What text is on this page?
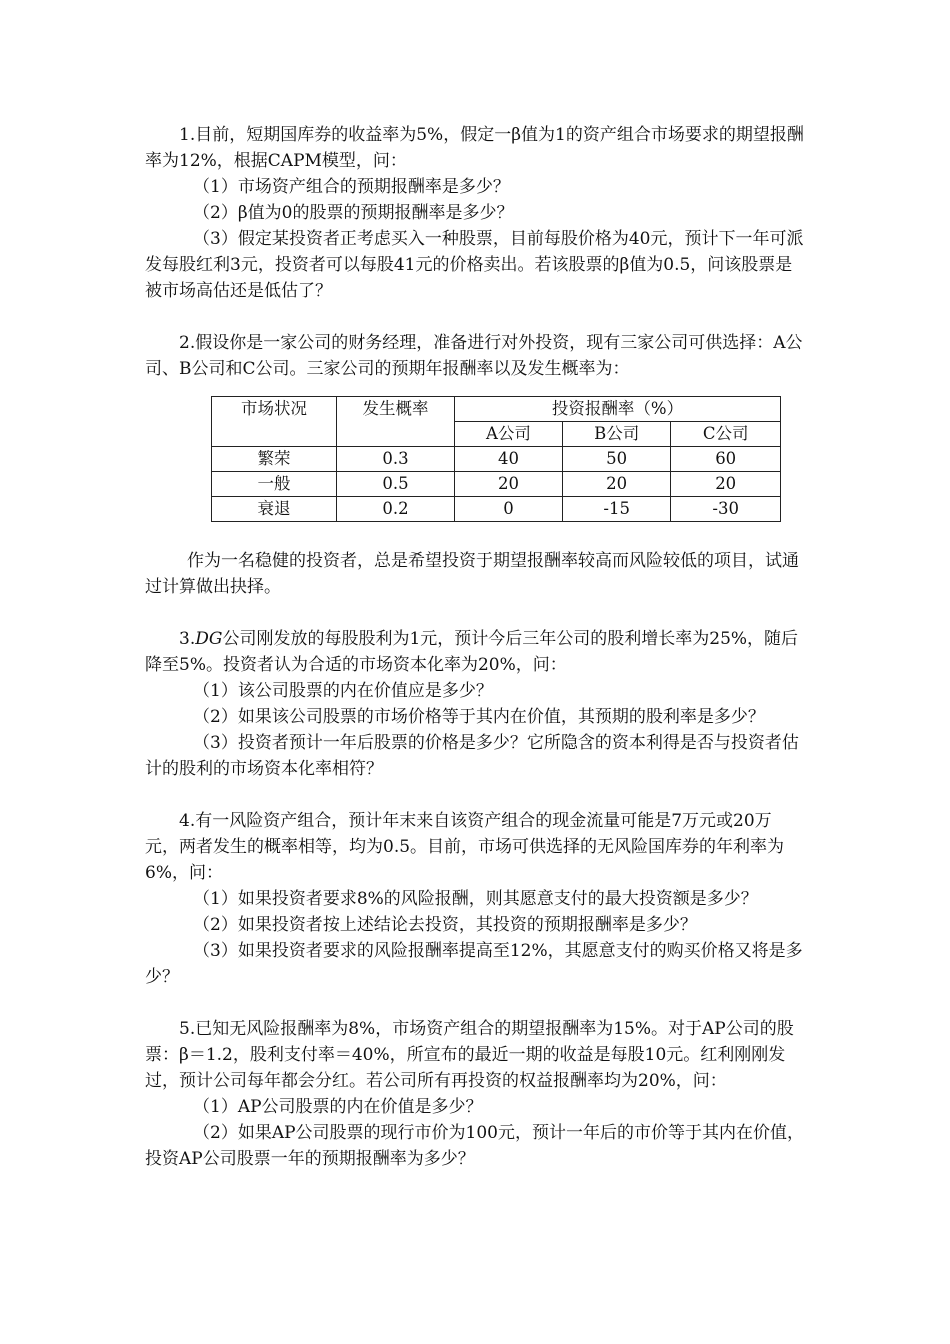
1.目前，短期国库券的收益率为5%，假定一β值为1的资产组合市场要求的期望报酬率为12%，根据CAPM模型，问：

（1）市场资产组合的预期报酬率是多少？

（2）β值为0的股票的预期报酬率是多少？

（3）假定某投资者正考虑买入一种股票，目前每股价格为40元，预计下一年可派发每股红利3元，投资者可以每股41元的价格卖出。若该股票的β值为0.5，问该股票是被市场高估还是低估了？

2.假设你是一家公司的财务经理，准备进行对外投资，现有三家公司可供选择：A公司、B公司和C公司。三家公司的预期年报酬率以及发生概率为：

市场状况	发生概率	投资报酬率（%）		
		A公司	B公司	C公司
繁荣	0.3	40	50	60
一般	0.5	20	20	20
衰退	0.2	0	-15	-30

作为一名稳健的投资者，总是希望投资于期望报酬率较高而风险较低的项目，试通过计算做出抉择。

3.DG公司刚发放的每股股利为1元，预计今后三年公司的股利增长率为25%，随后降至5%。投资者认为合适的市场资本化率为20%，问：

（1）该公司股票的内在价值应是多少？

（2）如果该公司股票的市场价格等于其内在价值，其预期的股利率是多少？

（3）投资者预计一年后股票的价格是多少？它所隐含的资本利得是否与投资者估计的股利的市场资本化率相符？

4.有一风险资产组合，预计年末来自该资产组合的现金流量可能是7万元或20万元，两者发生的概率相等，均为0.5。目前，市场可供选择的无风险国库券的年利率为6%，问：

（1）如果投资者要求8%的风险报酬，则其愿意支付的最大投资额是多少？

（2）如果投资者按上述结论去投资，其投资的预期报酬率是多少？

（3）如果投资者要求的风险报酬率提高至12%，其愿意支付的购买价格又将是多少？

5.已知无风险报酬率为8%，市场资产组合的期望报酬率为15%。对于AP公司的股票：β＝1.2，股利支付率＝40%，所宣布的最近一期的收益是每股10元。红利刚刚发过，预计公司每年都会分红。若公司所有再投资的权益报酬率均为20%，问：

（1）AP公司股票的内在价值是多少？

（2）如果AP公司股票的现行市价为100元，预计一年后的市价等于其内在价值，投资AP公司股票一年的预期报酬率为多少？
